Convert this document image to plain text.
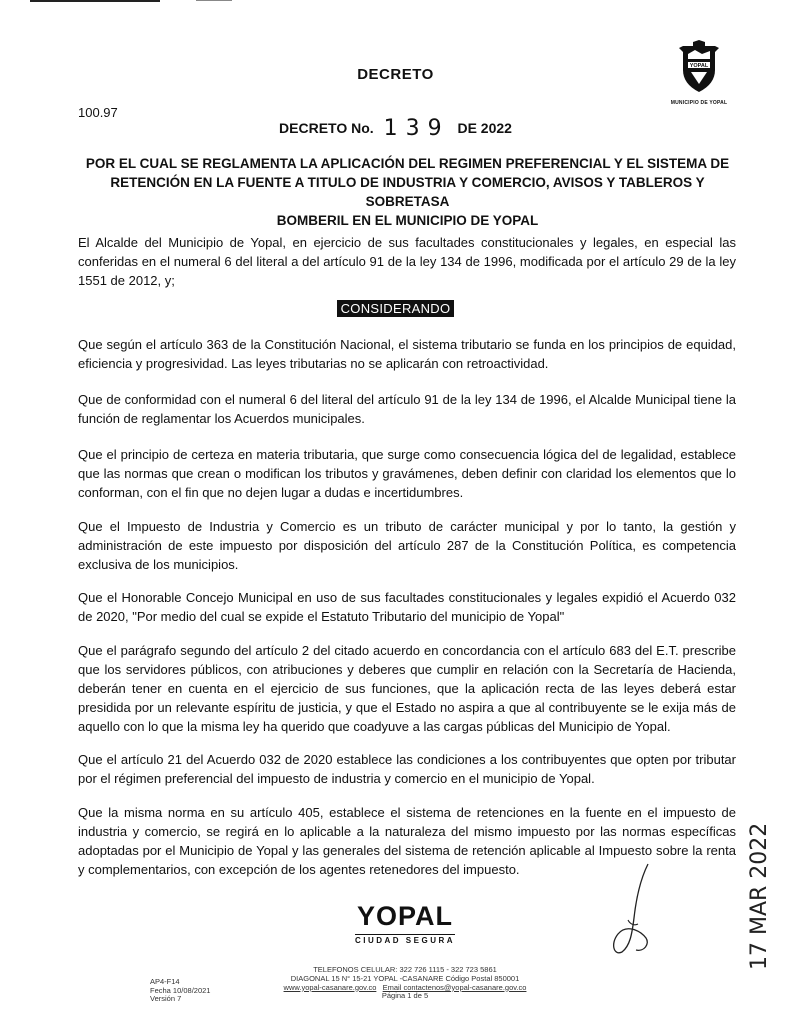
DECRETO	YOPAL
MUNICIPIO DE YOPAL
100.97
DECRETO No. 139 DE 2022
POR EL CUAL SE REGLAMENTA LA APLICACIÓN DEL REGIMEN PREFERENCIAL Y EL SISTEMA DE
RETENCIÓN EN LA FUENTE A TITULO DE INDUSTRIA Y COMERCIO, AVISOS Y TABLEROS Y SOBRETASA
BOMBERIL EN EL MUNICIPIO DE YOPAL
El Alcalde del Municipio de Yopal, en ejercicio de sus facultades constitucionales y legales, en especial las conferidas en el numeral 6 del literal a del artículo 91 de la ley 134 de 1996, modificada por el artículo 29 de la ley 1551 de 2012, y;
CONSIDERANDO
Que según el artículo 363 de la Constitución Nacional, el sistema tributario se funda en los principios de equidad, eficiencia y progresividad. Las leyes tributarias no se aplicarán con retroactividad.
Que de conformidad con el numeral 6 del literal del artículo 91 de la ley 134 de 1996, el Alcalde Municipal tiene la función de reglamentar los Acuerdos municipales.
Que el principio de certeza en materia tributaria, que surge como consecuencia lógica del de legalidad, establece que las normas que crean o modifican los tributos y gravámenes, deben definir con claridad los elementos que lo conforman, con el fin que no dejen lugar a dudas e incertidumbres.
Que el Impuesto de Industria y Comercio es un tributo de carácter municipal y por lo tanto, la gestión y administración de este impuesto por disposición del artículo 287 de la Constitución Política, es competencia exclusiva de los municipios.
Que el Honorable Concejo Municipal en uso de sus facultades constitucionales y legales expidió el Acuerdo 032 de 2020, "Por medio del cual se expide el Estatuto Tributario del municipio de Yopal"
Que el parágrafo segundo del artículo 2 del citado acuerdo en concordancia con el artículo 683 del E.T. prescribe que los servidores públicos, con atribuciones y deberes que cumplir en relación con la Secretaría de Hacienda, deberán tener en cuenta en el ejercicio de sus funciones, que la aplicación recta de las leyes deberá estar presidida por un relevante espíritu de justicia, y que el Estado no aspira a que al contribuyente se le exija más de aquello con lo que la misma ley ha querido que coadyuve a las cargas públicas del Municipio de Yopal.
Que el artículo 21 del Acuerdo 032 de 2020 establece las condiciones a los contribuyentes que opten por tributar por el régimen preferencial del impuesto de industria y comercio en el municipio de Yopal.
Que la misma norma en su artículo 405, establece el sistema de retenciones en la fuente en el impuesto de industria y comercio, se regirá en lo aplicable a la naturaleza del mismo impuesto por las normas específicas adoptadas por el Municipio de Yopal y las generales del sistema de retención aplicable al Impuesto sobre la renta y complementarios, con excepción de los agentes retenedores del impuesto.	17 MAR 2022
YOPAL
CIUDAD SEGURA
AP4-F14
Fecha 10/08/2021
Versión 7
TELEFONOS CELULAR: 322 726 1115 - 322 723 5861
DIAGONAL 15 N° 15-21 YOPAL -CASANARE Código Postal 850001
www.yopal-casanare.gov.co Email contactenos@yopal-casanare.gov.co
Página 1 de 5
